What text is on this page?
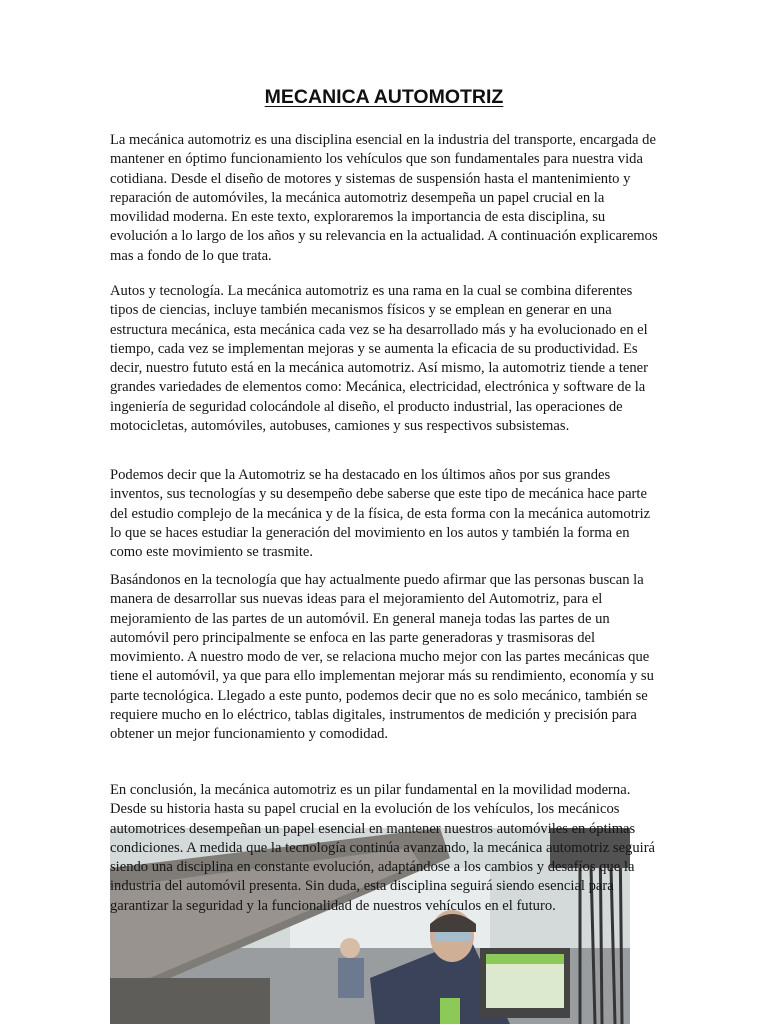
MECANICA AUTOMOTRIZ

La mecánica automotriz es una disciplina esencial en la industria del transporte, encargada de mantener en óptimo funcionamiento los vehículos que son fundamentales para nuestra vida cotidiana. Desde el diseño de motores y sistemas de suspensión hasta el mantenimiento y reparación de automóviles, la mecánica automotriz desempeña un papel crucial en la movilidad moderna. En este texto, exploraremos la importancia de esta disciplina, su evolución a lo largo de los años y su relevancia en la actualidad. A continuación explicaremos mas a fondo de lo que trata.

Autos y tecnología. La mecánica automotriz es una rama en la cual se combina diferentes tipos de ciencias, incluye también mecanismos físicos y se emplean en generar en una estructura mecánica, esta mecánica cada vez se ha desarrollado más y ha evolucionado en el tiempo, cada vez se implementan mejoras y se aumenta la eficacia de su productividad. Es decir, nuestro fututo está en la mecánica automotriz. Así mismo, la automotriz tiende a tener grandes variedades de elementos como: Mecánica, electricidad, electrónica y software de la ingeniería de seguridad colocándole al diseño, el producto industrial, las operaciones de motocicletas, automóviles, autobuses, camiones y sus respectivos subsistemas.

Podemos decir que la Automotriz se ha destacado en los últimos años por sus grandes inventos, sus tecnologías y su desempeño debe saberse que este tipo de mecánica hace parte del estudio complejo de la mecánica y de la física, de esta forma con la mecánica automotriz lo que se haces estudiar la generación del movimiento en los autos y también la forma en como este movimiento se trasmite.

Basándonos en la tecnología que hay actualmente puedo afirmar que las personas buscan la manera de desarrollar sus nuevas ideas para el mejoramiento del Automotriz, para el mejoramiento de las partes de un automóvil. En general maneja todas las partes de un automóvil pero principalmente se enfoca en las parte generadoras y trasmisoras del movimiento. A nuestro modo de ver, se relaciona mucho mejor con las partes mecánicas que tiene el automóvil, ya que para ello implementan mejorar más su rendimiento, economía y su parte tecnológica. Llegado a este punto, podemos decir que no es solo mecánico, también se requiere mucho en lo eléctrico, tablas digitales, instrumentos de medición y precisión para obtener un mejor funcionamiento y comodidad.

En conclusión, la mecánica automotriz es un pilar fundamental en la movilidad moderna. Desde su historia hasta su papel crucial en la evolución de los vehículos, los mecánicos automotrices desempeñan un papel esencial en mantener nuestros automóviles en óptimas condiciones. A medida que la tecnología continúa avanzando, la mecánica automotriz seguirá siendo una disciplina en constante evolución, adaptándose a los cambios y desafíos que la industria del automóvil presenta. Sin duda, esta disciplina seguirá siendo esencial para garantizar la seguridad y la funcionalidad de nuestros vehículos en el futuro.
